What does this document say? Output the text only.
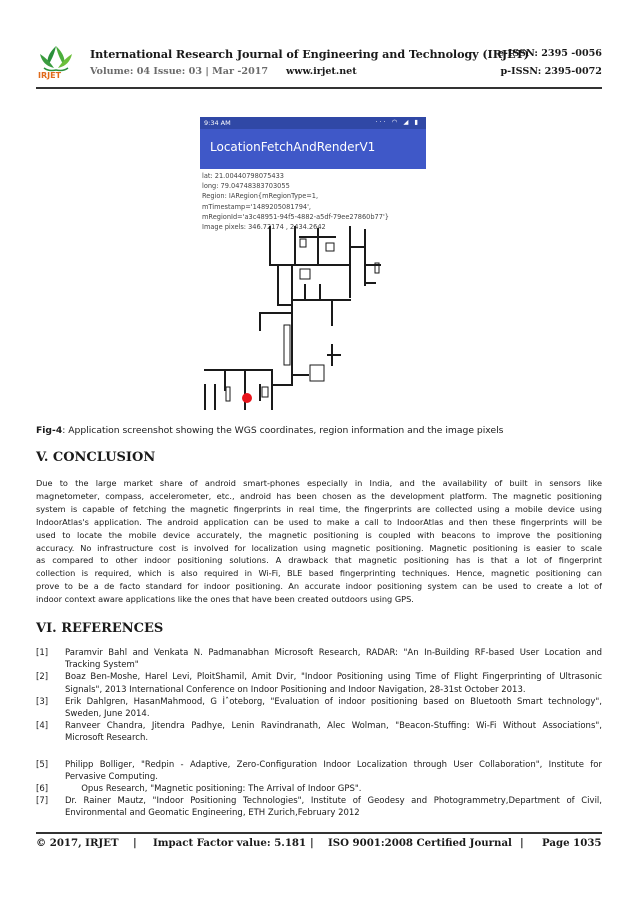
IRJET
International Research Journal of Engineering and Technology (IRJET)
e-ISSN: 2395 -0056
Volume: 04 Issue: 03 | Mar -2017 www.irjet.net	p-ISSN: 2395-0072
9:34 AM	··· ◠ ◢ ▮
LocationFetchAndRenderV1
lat: 21.00440798075433
long: 79.04748383703055
Region: IARegion{mRegionType=1,
mTimestamp='1489205081794',
mRegionId='a3c48951-94f5-4882-a5df-79ee27860b77'}
Image pixels: 346.72174 , 2434.2642
Fig-4: Application screenshot showing the WGS coordinates, region information and the image pixels
V. CONCLUSION
Due to the large market share of android smart-phones especially in India, and the availability of built in sensors like
magnetometer, compass, accelerometer, etc., android has been chosen as the development platform. The magnetic positioning
system is capable of fetching the magnetic fingerprints in real time, the fingerprints are collected using a mobile device using
IndoorAtlas's application. The android application can be used to make a call to IndoorAtlas and then these fingerprints will be
used to locate the mobile device accurately, the magnetic positioning is coupled with beacons to improve the positioning
accuracy. No infrastructure cost is involved for localization using magnetic positioning. Magnetic positioning is easier to scale
as compared to other indoor positioning solutions. A drawback that magnetic positioning has is that a lot of fingerprint
collection is required, which is also required in Wi-Fi, BLE based fingerprinting techniques. Hence, magnetic positioning can
prove to be a de facto standard for indoor positioning. An accurate indoor positioning system can be used to create a lot of
indoor context aware applications like the ones that have been created outdoors using GPS.
VI. REFERENCES
[1] Paramvir Bahl and Venkata N. Padmanabhan Microsoft Research, RADAR: "An In-Building RF-based User Location and
Tracking System"
[2] Boaz Ben-Moshe, Harel Levi, PloitShamil, Amit Dvir, "Indoor Positioning using Time of Flight Fingerprinting of Ultrasonic
Signals", 2013 International Conference on Indoor Positioning and Indoor Navigation, 28-31st October 2013.
[3] Erik Dahlgren, HasanMahmood, G Ìˆoteborg, "Evaluation of indoor positioning based on Bluetooth Smart technology",
Sweden, June 2014.
[4] Ranveer Chandra, Jitendra Padhye, Lenin Ravindranath, Alec Wolman, "Beacon-Stuffing: Wi-Fi Without Associations",
Microsoft Research.
[5] Philipp Bolliger, "Redpin - Adaptive, Zero-Configuration Indoor Localization through User Collaboration", Institute for
Pervasive Computing.
[6] Opus Research, "Magnetic positioning: The Arrival of Indoor GPS".
[7] Dr. Rainer Mautz, "Indoor Positioning Technologies", Institute of Geodesy and Photogrammetry,Department of Civil,
Environmental and Geomatic Engineering, ETH Zurich,February 2012
© 2017, IRJET | Impact Factor value: 5.181 | ISO 9001:2008 Certified Journal | Page 1035
